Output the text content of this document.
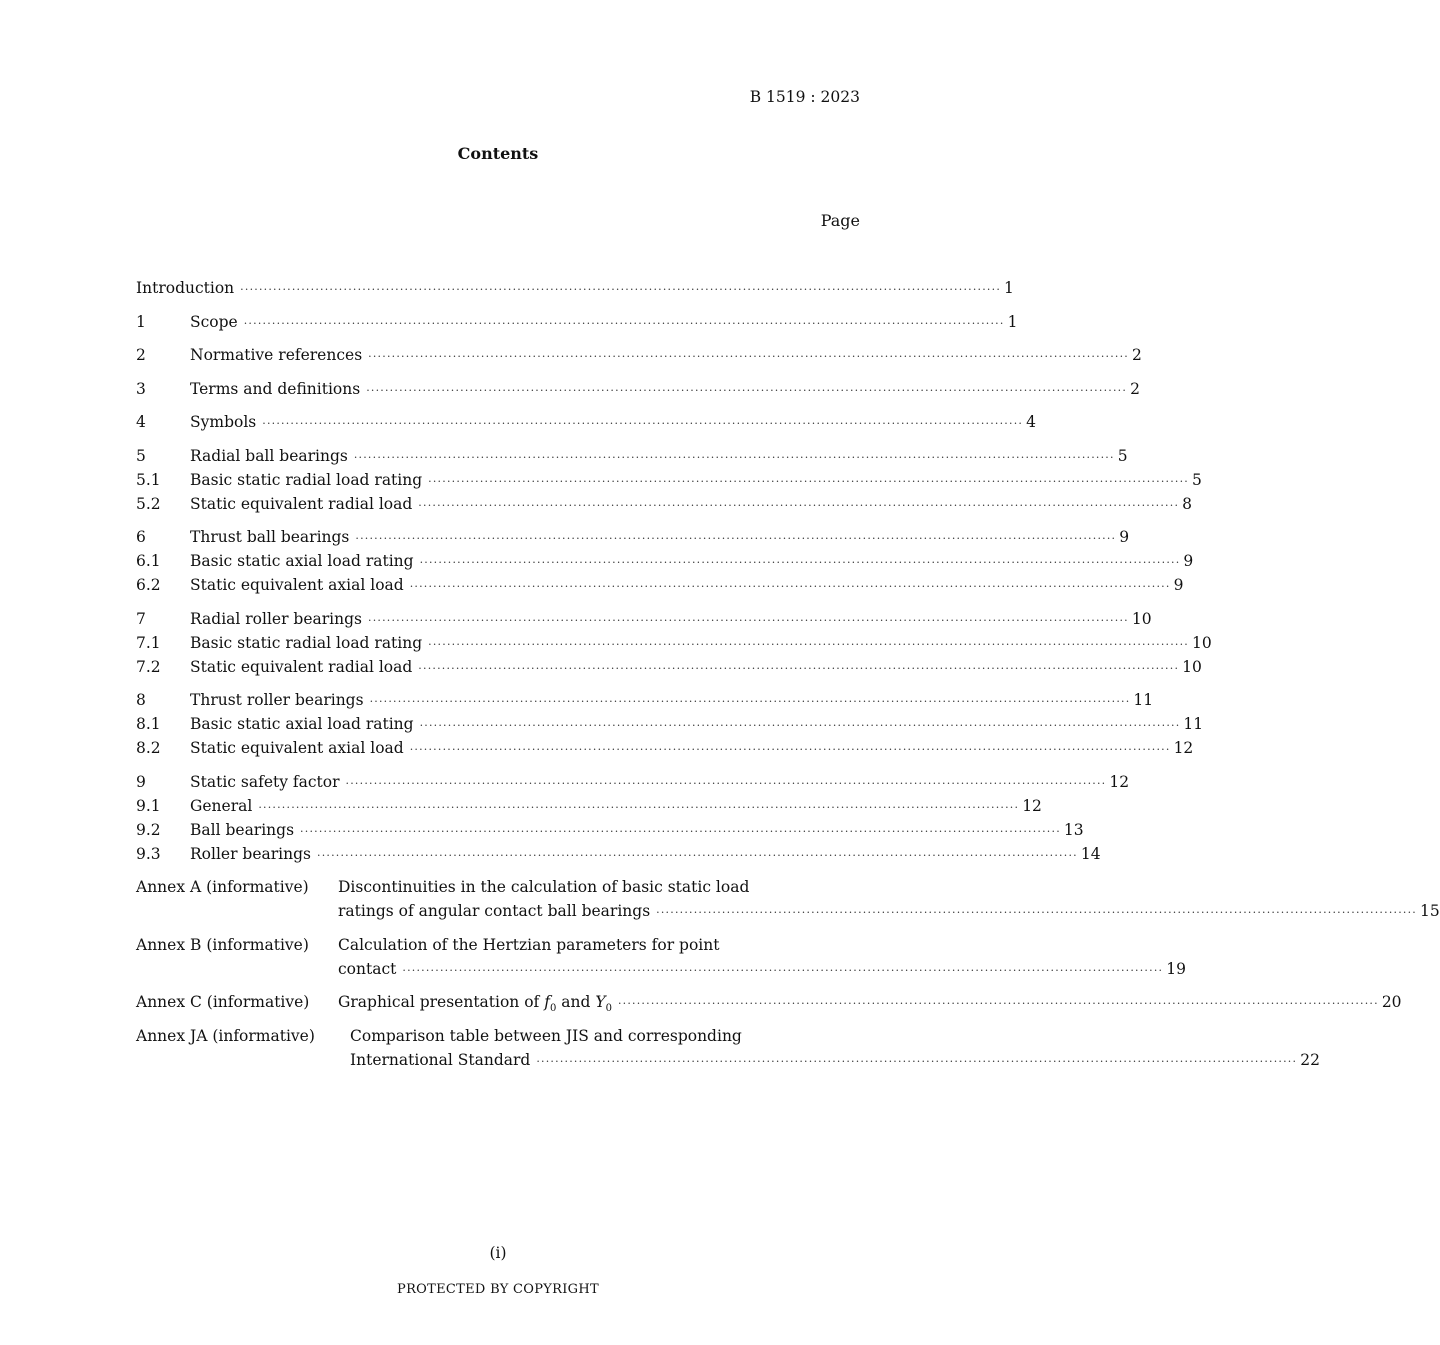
B 1519 : 2023
Contents
Page
Introduction ·····	1
1	Scope ·····	1
2	Normative references ·····	2
3	Terms and definitions ·····	2
4	Symbols ·····	4
5	Radial ball bearings ·····	5
5.1	Basic static radial load rating ·····	5
5.2	Static equivalent radial load ·····	8
6	Thrust ball bearings ·····	9
6.1	Basic static axial load rating ·····	9
6.2	Static equivalent axial load ·····	9
7	Radial roller bearings ·····	10
7.1	Basic static radial load rating ·····	10
7.2	Static equivalent radial load ·····	10
8	Thrust roller bearings ·····	11
8.1	Basic static axial load rating ·····	11
8.2	Static equivalent axial load ·····	12
9	Static safety factor ·····	12
9.1	General ·····	12
9.2	Ball bearings ·····	13
9.3	Roller bearings ·····	14
Annex A (informative)	Discontinuities in the calculation of basic static load
ratings of angular contact ball bearings ·····	15
Annex B (informative)	Calculation of the Hertzian parameters for point
contact ·····	19
Annex C (informative)	Graphical presentation of $f_0$ and $Y_0$ ·····	20
Annex JA (informative)	Comparison table between JIS and corresponding
International Standard ·····	22
(i)
PROTECTED BY COPYRIGHT
